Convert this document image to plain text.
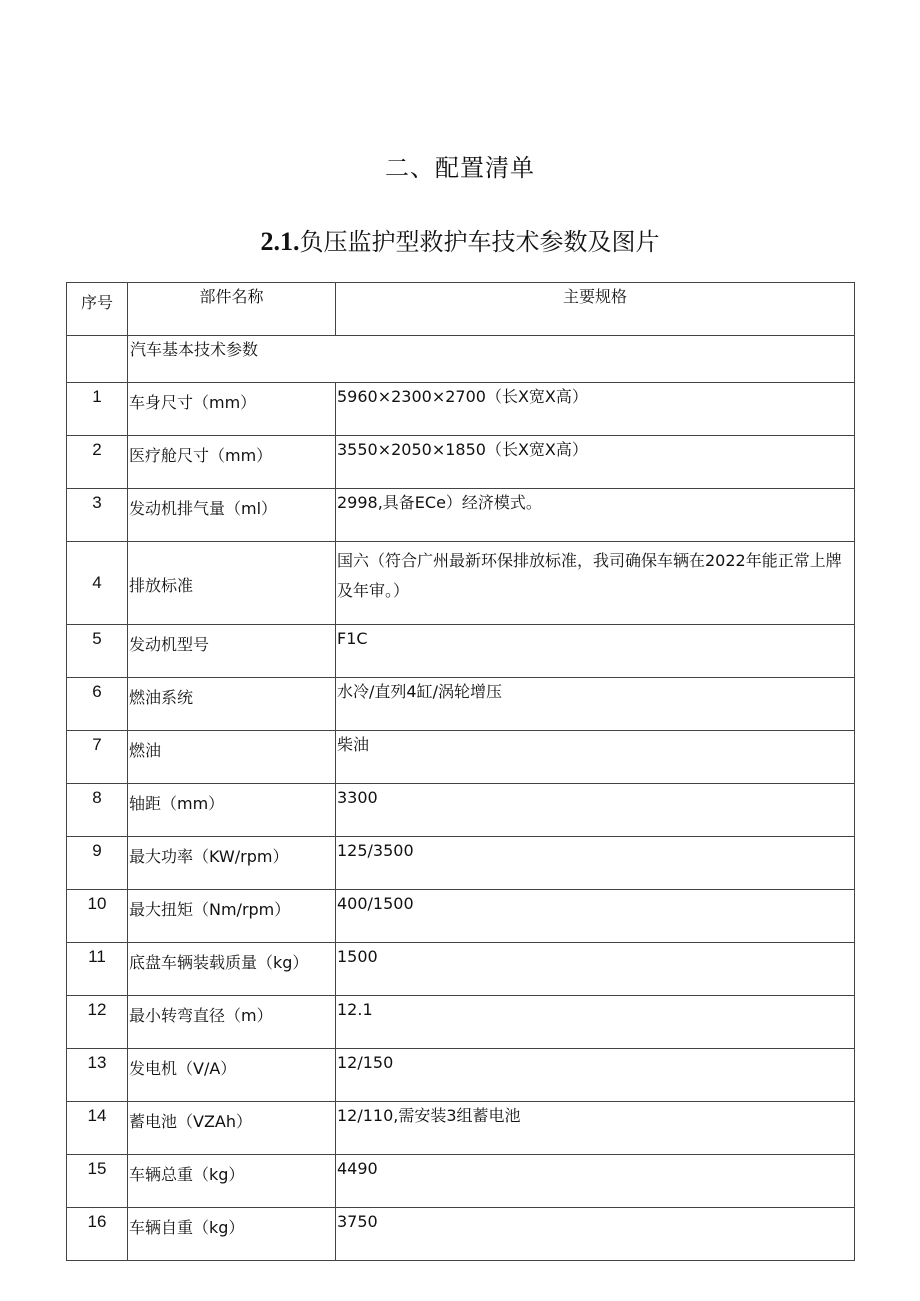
二、配置清单
2.1.负压监护型救护车技术参数及图片
序号	部件名称	主要规格
	汽车基本技术参数	
1	车身尺寸（mm）	5960×2300×2700（长X宽X高）
2	医疗舱尺寸（mm）	3550×2050×1850（长X宽X高）
3	发动机排气量（ml）	2998,具备ECe）经济模式。
4	排放标准	国六（符合广州最新环保排放标准，我司确保车辆在2022年能正常上牌及年审。）
5	发动机型号	F1C
6	燃油系统	水冷/直列4缸/涡轮增压
7	燃油	柴油
8	轴距（mm）	3300
9	最大功率（KW/rpm）	125/3500
10	最大扭矩（Nm/rpm）	400/1500
11	底盘车辆装载质量（kg）	1500
12	最小转弯直径（m）	12.1
13	发电机（V/A）	12/150
14	蓄电池（VZAh）	12/110,需安装3组蓄电池
15	车辆总重（kg）	4490
16	车辆自重（kg）	3750
